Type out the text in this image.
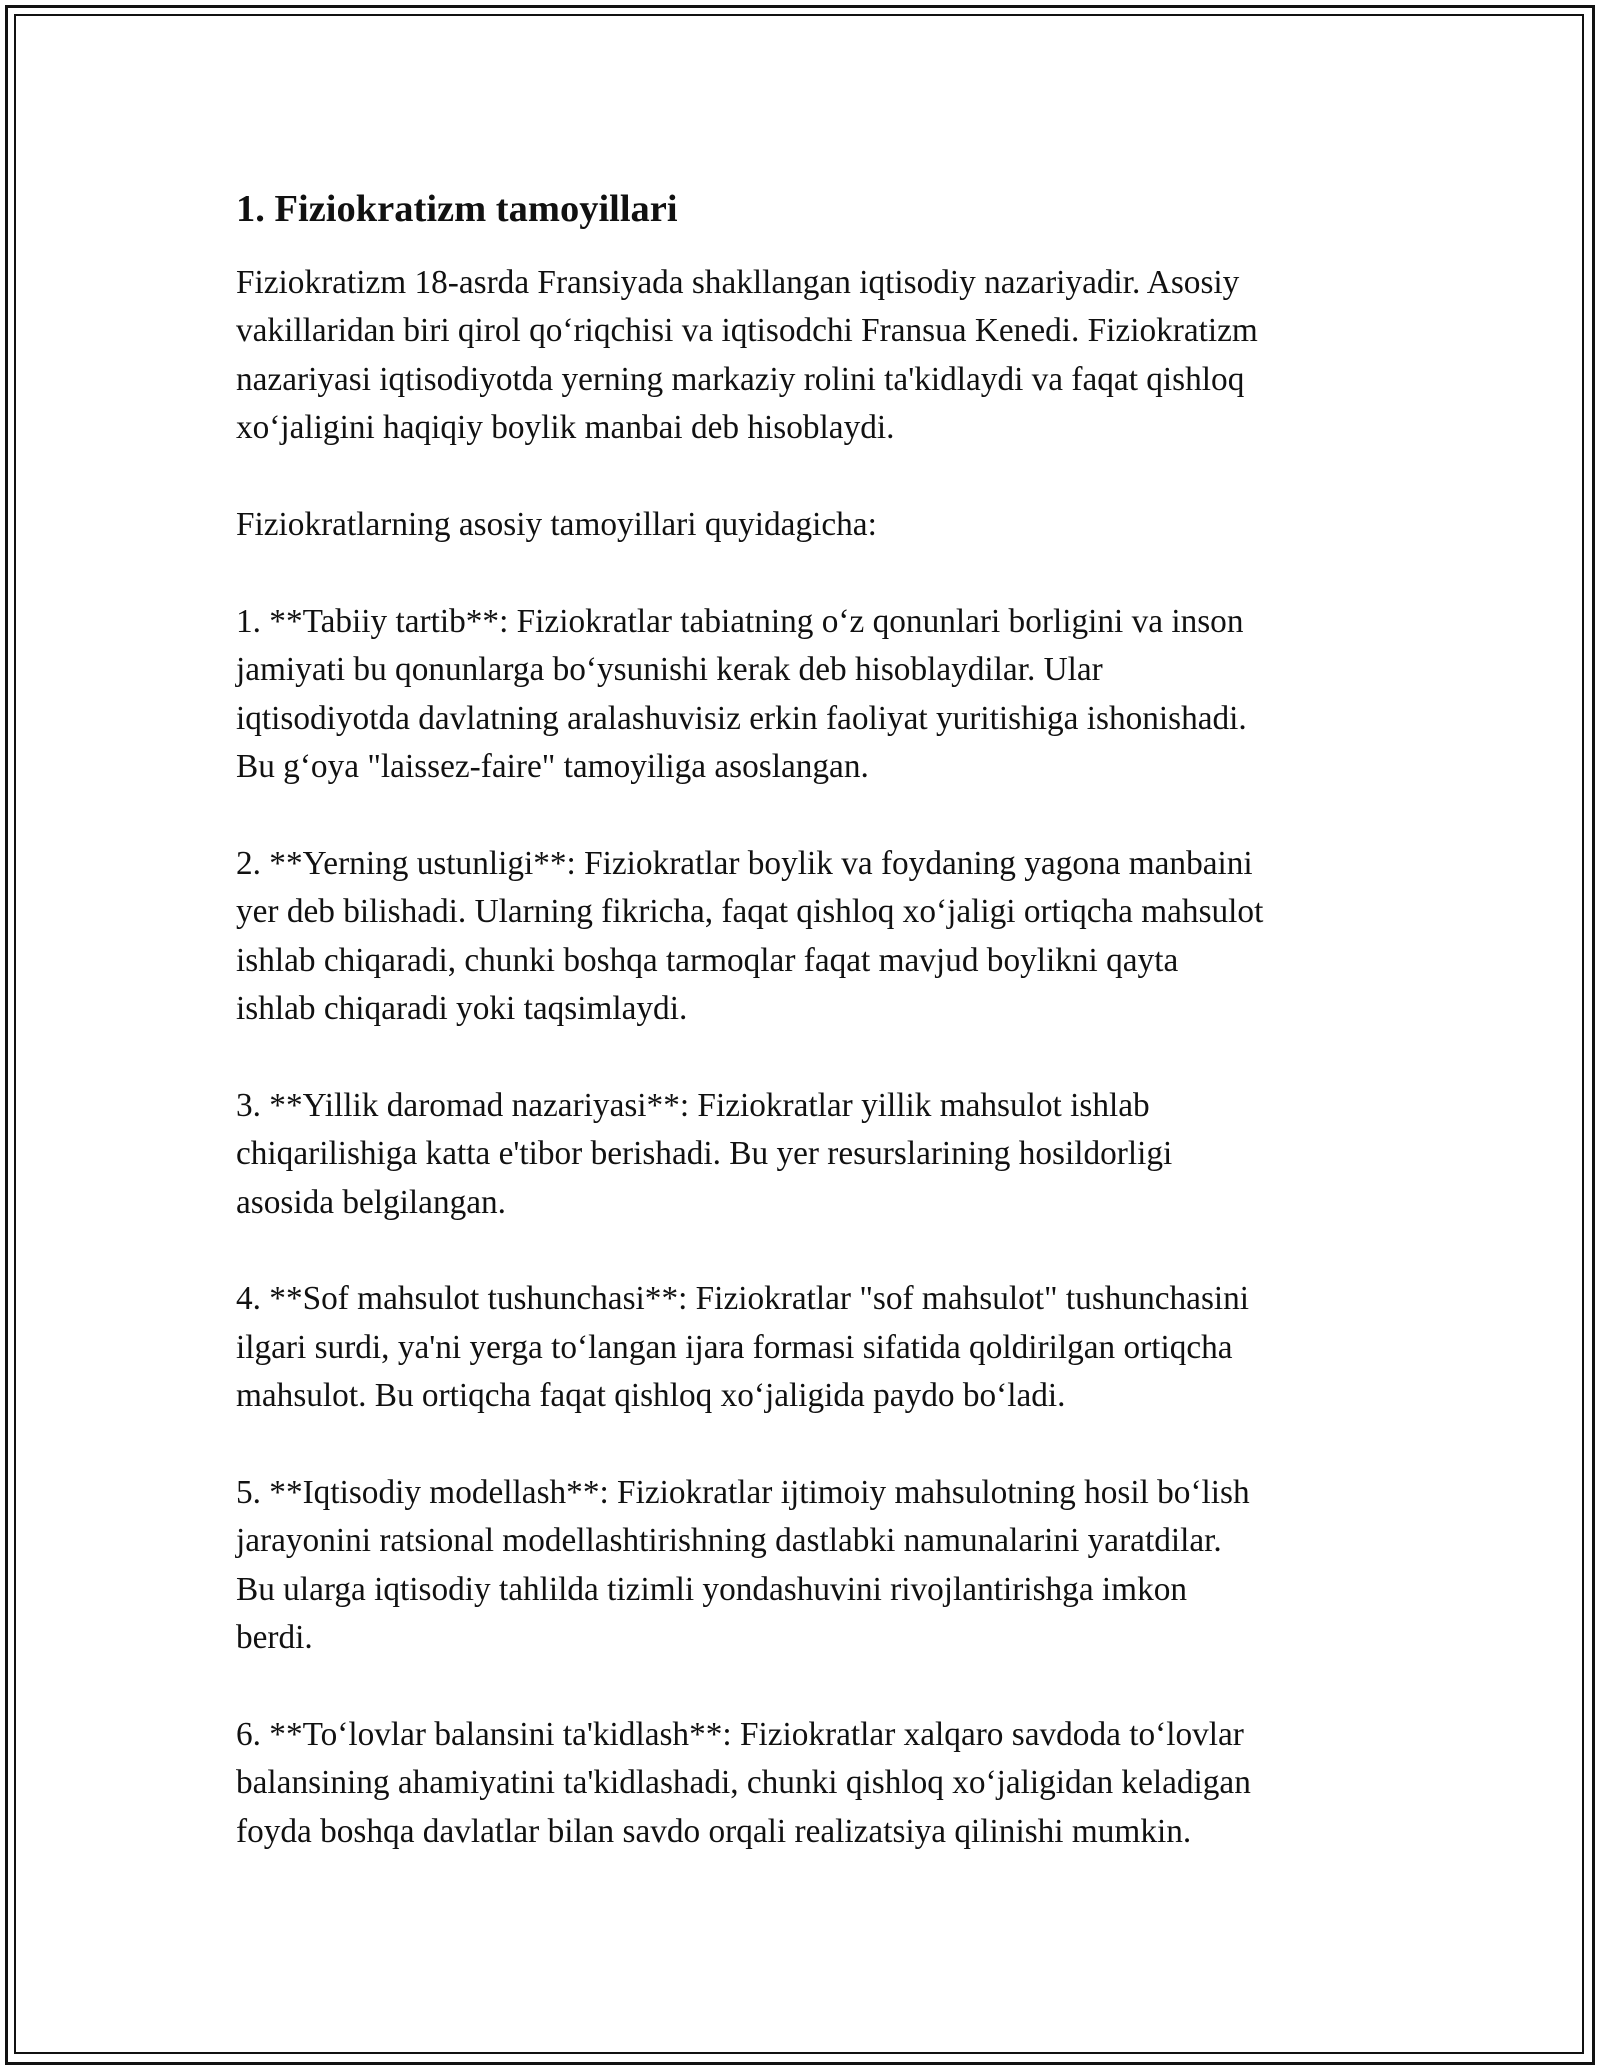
1. Fiziokratizm tamoyillari
Fiziokratizm 18-asrda Fransiyada shakllangan iqtisodiy nazariyadir. Asosiy
vakillaridan biri qirol qo‘riqchisi va iqtisodchi Fransua Kenedi. Fiziokratizm
nazariyasi iqtisodiyotda yerning markaziy rolini ta'kidlaydi va faqat qishloq
xo‘jaligini haqiqiy boylik manbai deb hisoblaydi.
Fiziokratlarning asosiy tamoyillari quyidagicha:
1. **Tabiiy tartib**: Fiziokratlar tabiatning o‘z qonunlari borligini va inson
jamiyati bu qonunlarga bo‘ysunishi kerak deb hisoblaydilar. Ular
iqtisodiyotda davlatning aralashuvisiz erkin faoliyat yuritishiga ishonishadi.
Bu g‘oya "laissez-faire" tamoyiliga asoslangan.
2. **Yerning ustunligi**: Fiziokratlar boylik va foydaning yagona manbaini
yer deb bilishadi. Ularning fikricha, faqat qishloq xo‘jaligi ortiqcha mahsulot
ishlab chiqaradi, chunki boshqa tarmoqlar faqat mavjud boylikni qayta
ishlab chiqaradi yoki taqsimlaydi.
3. **Yillik daromad nazariyasi**: Fiziokratlar yillik mahsulot ishlab
chiqarilishiga katta e'tibor berishadi. Bu yer resurslarining hosildorligi
asosida belgilangan.
4. **Sof mahsulot tushunchasi**: Fiziokratlar "sof mahsulot" tushunchasini
ilgari surdi, ya'ni yerga to‘langan ijara formasi sifatida qoldirilgan ortiqcha
mahsulot. Bu ortiqcha faqat qishloq xo‘jaligida paydo bo‘ladi.
5. **Iqtisodiy modellash**: Fiziokratlar ijtimoiy mahsulotning hosil bo‘lish
jarayonini ratsional modellashtirishning dastlabki namunalarini yaratdilar.
Bu ularga iqtisodiy tahlilda tizimli yondashuvini rivojlantirishga imkon
berdi.
6. **To‘lovlar balansini ta'kidlash**: Fiziokratlar xalqaro savdoda to‘lovlar
balansining ahamiyatini ta'kidlashadi, chunki qishloq xo‘jaligidan keladigan
foyda boshqa davlatlar bilan savdo orqali realizatsiya qilinishi mumkin.
